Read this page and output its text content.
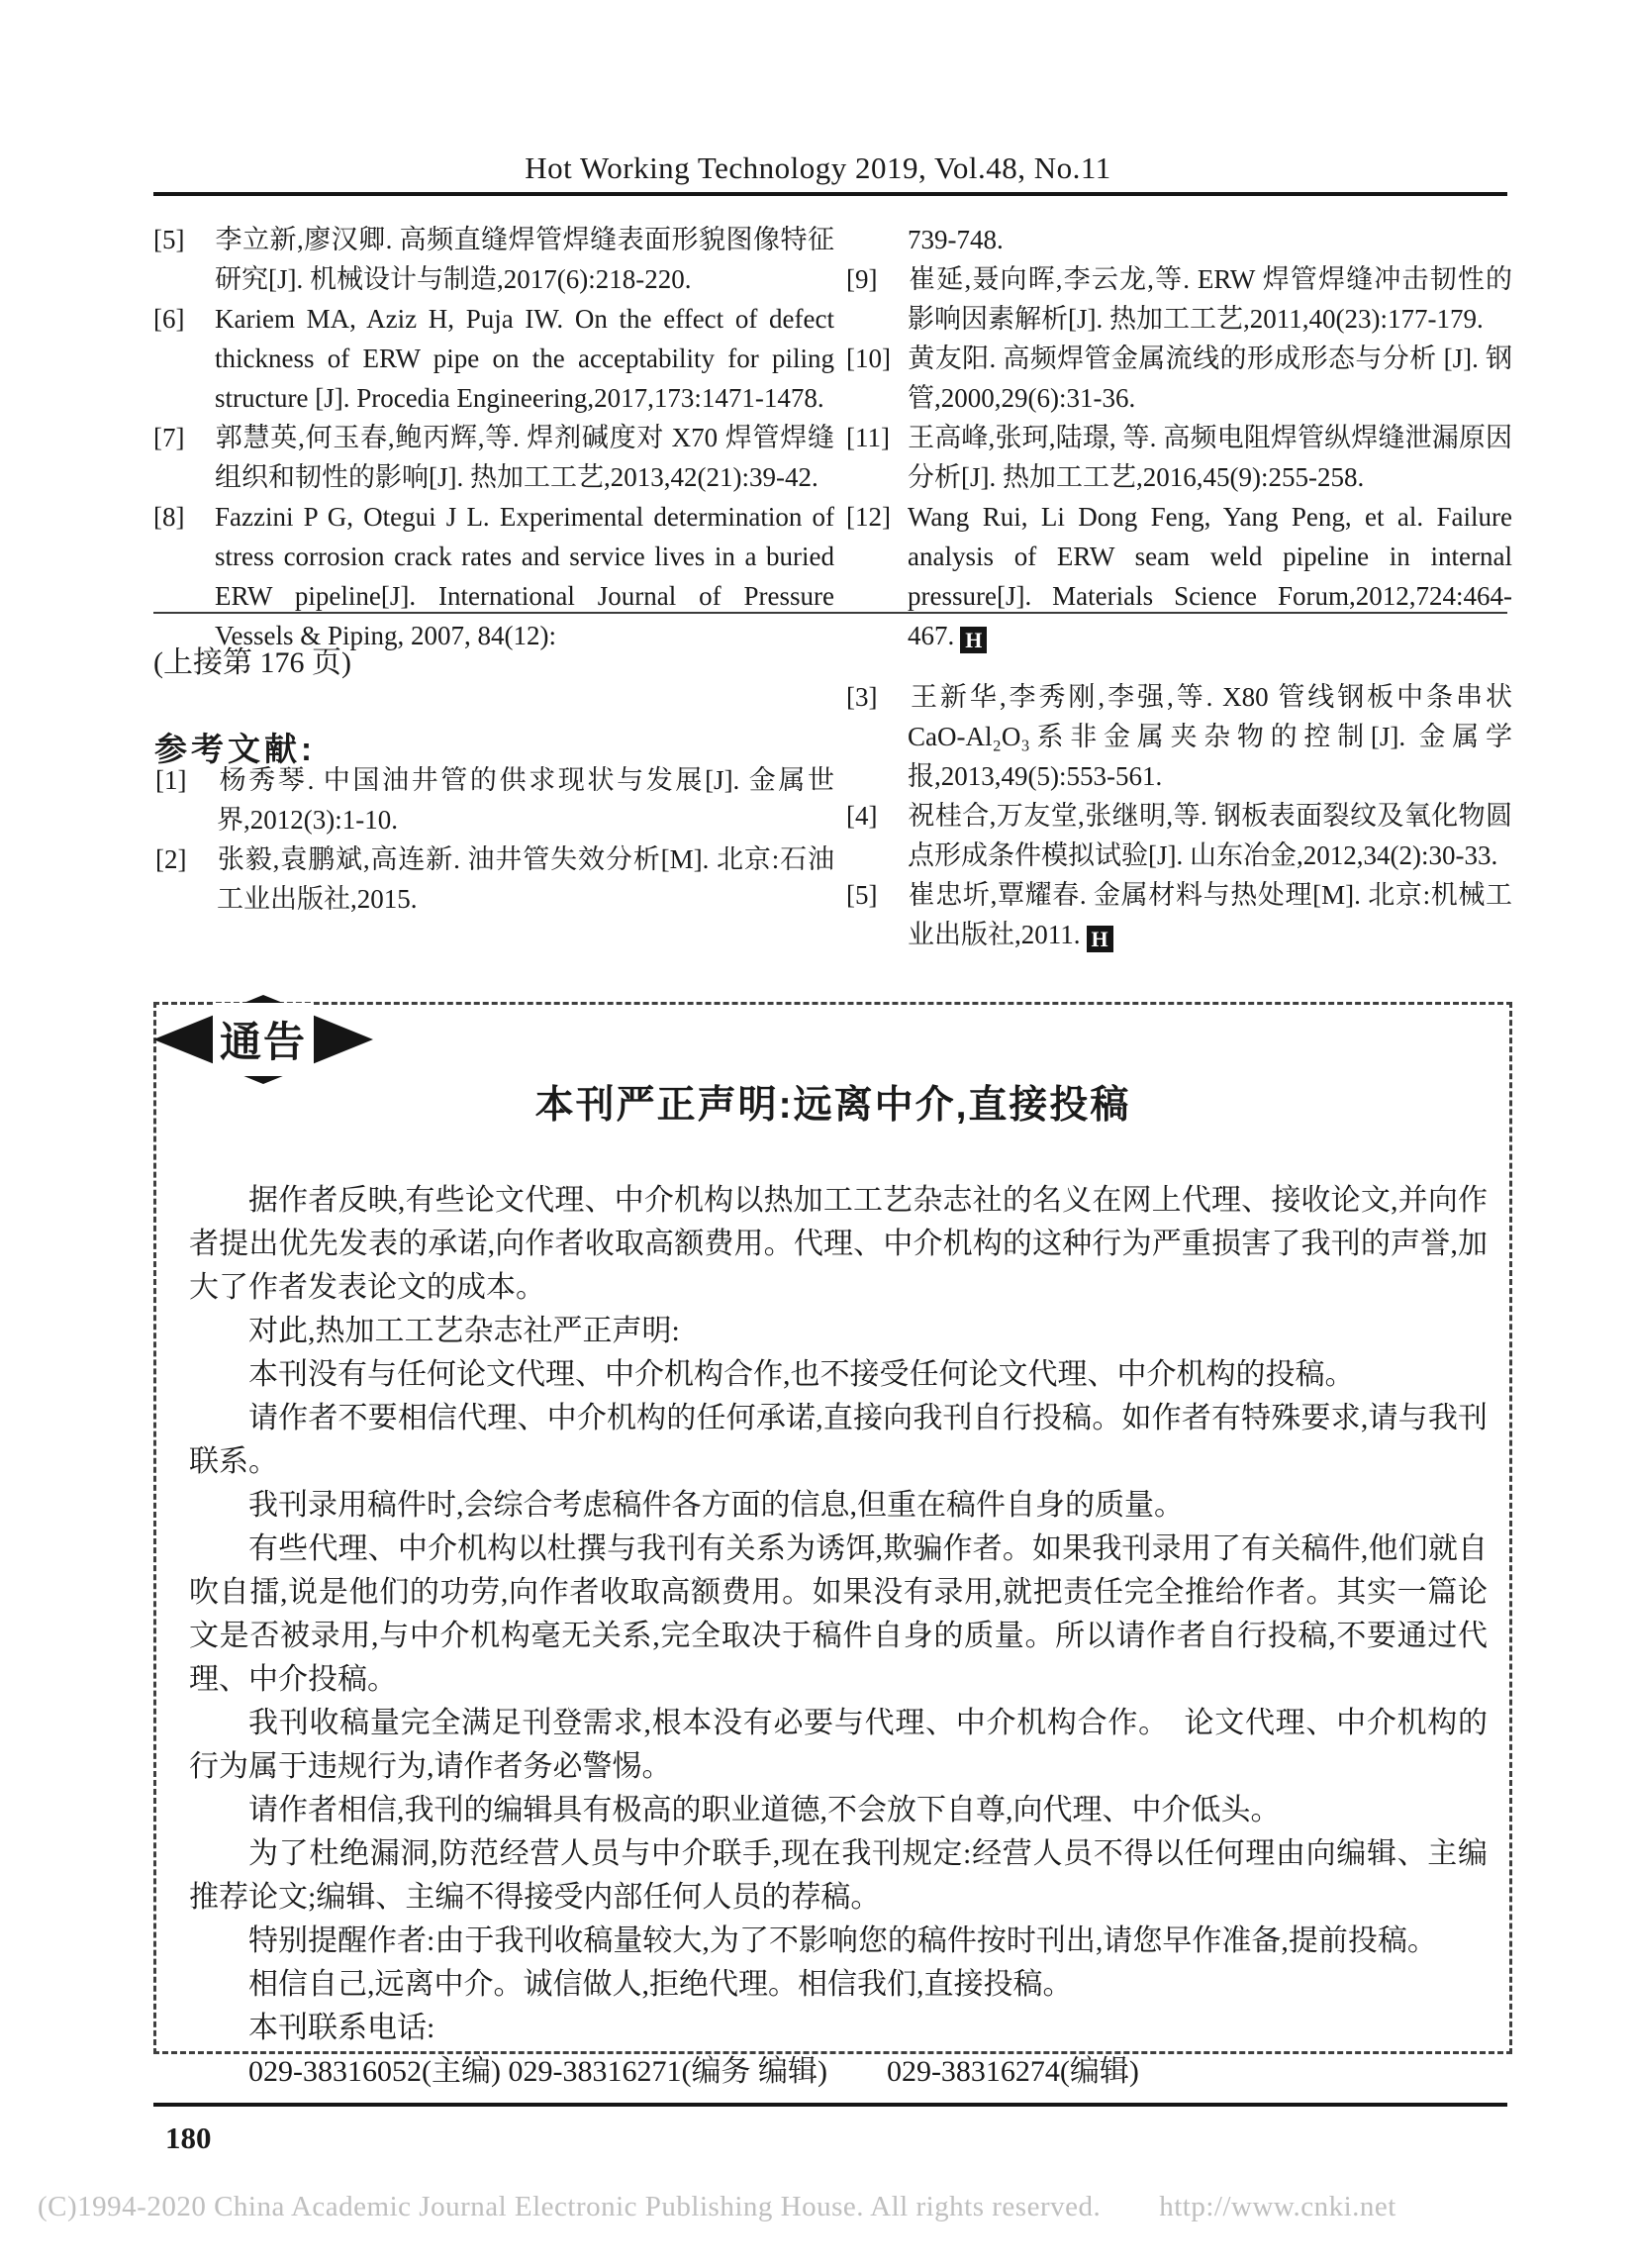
Hot Working Technology 2019, Vol.48, No.11
[5] 李立新,廖汉卿. 高频直缝焊管焊缝表面形貌图像特征研究[J]. 机械设计与制造,2017(6):218-220.
[6] Kariem MA, Aziz H, Puja IW. On the effect of defect thickness of ERW pipe on the acceptability for piling structure [J]. Procedia Engineering,2017,173:1471-1478.
[7] 郭慧英,何玉春,鲍丙辉,等. 焊剂碱度对 X70 焊管焊缝组织和韧性的影响[J]. 热加工工艺,2013,42(21):39-42.
[8] Fazzini P G, Otegui J L. Experimental determination of stress corrosion crack rates and service lives in a buried ERW pipeline[J]. International Journal of Pressure Vessels & Piping, 2007, 84(12):
739-748.
[9] 崔延,聂向晖,李云龙,等. ERW 焊管焊缝冲击韧性的影响因素解析[J]. 热加工工艺,2011,40(23):177-179.
[10] 黄友阳. 高频焊管金属流线的形成形态与分析 [J]. 钢管,2000,29(6):31-36.
[11] 王高峰,张珂,陆璟, 等. 高频电阻焊管纵焊缝泄漏原因分析[J]. 热加工工艺,2016,45(9):255-258.
[12] Wang Rui, Li Dong Feng, Yang Peng, et al. Failure analysis of ERW seam weld pipeline in internal pressure[J]. Materials Science Forum,2012,724:464-467. H
(上接第 176 页)
参考文献:
[1] 杨秀琴. 中国油井管的供求现状与发展[J]. 金属世界,2012(3):1-10.
[2] 张毅,袁鹏斌,高连新. 油井管失效分析[M]. 北京:石油工业出版社,2015.
[3] 王新华,李秀刚,李强,等. X80 管线钢板中条串状 CaO-Al₂O₃系非金属夹杂物的控制[J]. 金属学报,2013,49(5):553-561.
[4] 祝桂合,万友堂,张继明,等. 钢板表面裂纹及氧化物圆点形成条件模拟试验[J]. 山东冶金,2012,34(2):30-33.
[5] 崔忠圻,覃耀春. 金属材料与热处理[M]. 北京:机械工业出版社,2011. H
通告
本刊严正声明:远离中介,直接投稿

据作者反映,有些论文代理、中介机构以热加工工艺杂志社的名义在网上代理、接收论文,并向作者提出优先发表的承诺,向作者收取高额费用。代理、中介机构的这种行为严重损害了我刊的声誉,加大了作者发表论文的成本。

对此,热加工工艺杂志社严正声明:

本刊没有与任何论文代理、中介机构合作,也不接受任何论文代理、中介机构的投稿。

请作者不要相信代理、中介机构的任何承诺,直接向我刊自行投稿。如作者有特殊要求,请与我刊联系。

我刊录用稿件时,会综合考虑稿件各方面的信息,但重在稿件自身的质量。

有些代理、中介机构以杜撰与我刊有关系为诱饵,欺骗作者。如果我刊录用了有关稿件,他们就自吹自擂,说是他们的功劳,向作者收取高额费用。如果没有录用,就把责任完全推给作者。其实一篇论文是否被录用,与中介机构毫无关系,完全取决于稿件自身的质量。所以请作者自行投稿,不要通过代理、中介投稿。

我刊收稿量完全满足刊登需求,根本没有必要与代理、中介机构合作。　论文代理、中介机构的行为属于违规行为,请作者务必警惕。

请作者相信,我刊的编辑具有极高的职业道德,不会放下自尊,向代理、中介低头。

为了杜绝漏洞,防范经营人员与中介联手,现在我刊规定:经营人员不得以任何理由向编辑、主编推荐论文;编辑、主编不得接受内部任何人员的荐稿。

特别提醒作者:由于我刊收稿量较大,为了不影响您的稿件按时刊出,请您早作准备,提前投稿。

相信自己,远离中介。诚信做人,拒绝代理。相信我们,直接投稿。

本刊联系电话:

029-38316052(主编) 029-38316271(编务 编辑)　　029-38316274(编辑)

180
(C)1994-2020 China Academic Journal Electronic Publishing House. All rights reserved.　　http://www.cnki.net
